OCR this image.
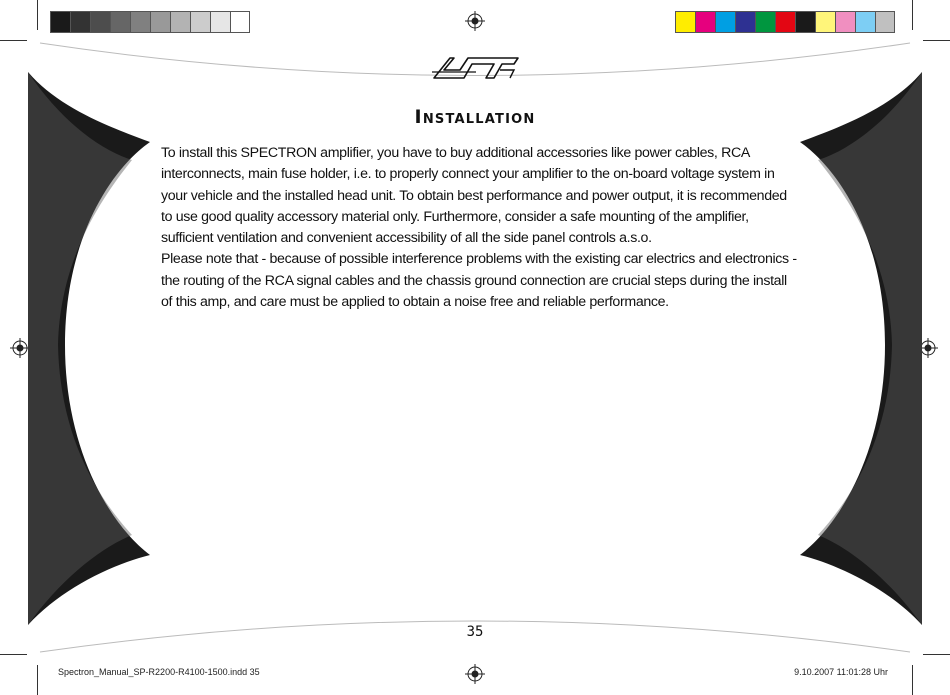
Installation

To install this SPECTRON amplifier, you have to buy additional accessories like power cables, RCA interconnects, main fuse holder, i.e. to properly connect your amplifier to the on-board voltage system in your vehicle and the installed head unit. To obtain best performance and power output, it is recommended to use good quality accessory material only. Furthermore, consider a safe mounting of the amplifier, sufficient ventilation and convenient accessibility of all the side panel controls a.s.o.

Please note that - because of possible interference problems with the existing car electrics and electronics - the routing of the RCA signal cables and the chassis ground connection are crucial steps during the install of this amp, and care must be applied to obtain a noise free and reliable performance.

35
Spectron_Manual_SP-R2200-R4100-1500.indd 35	9.10.2007 11:01:28 Uhr
